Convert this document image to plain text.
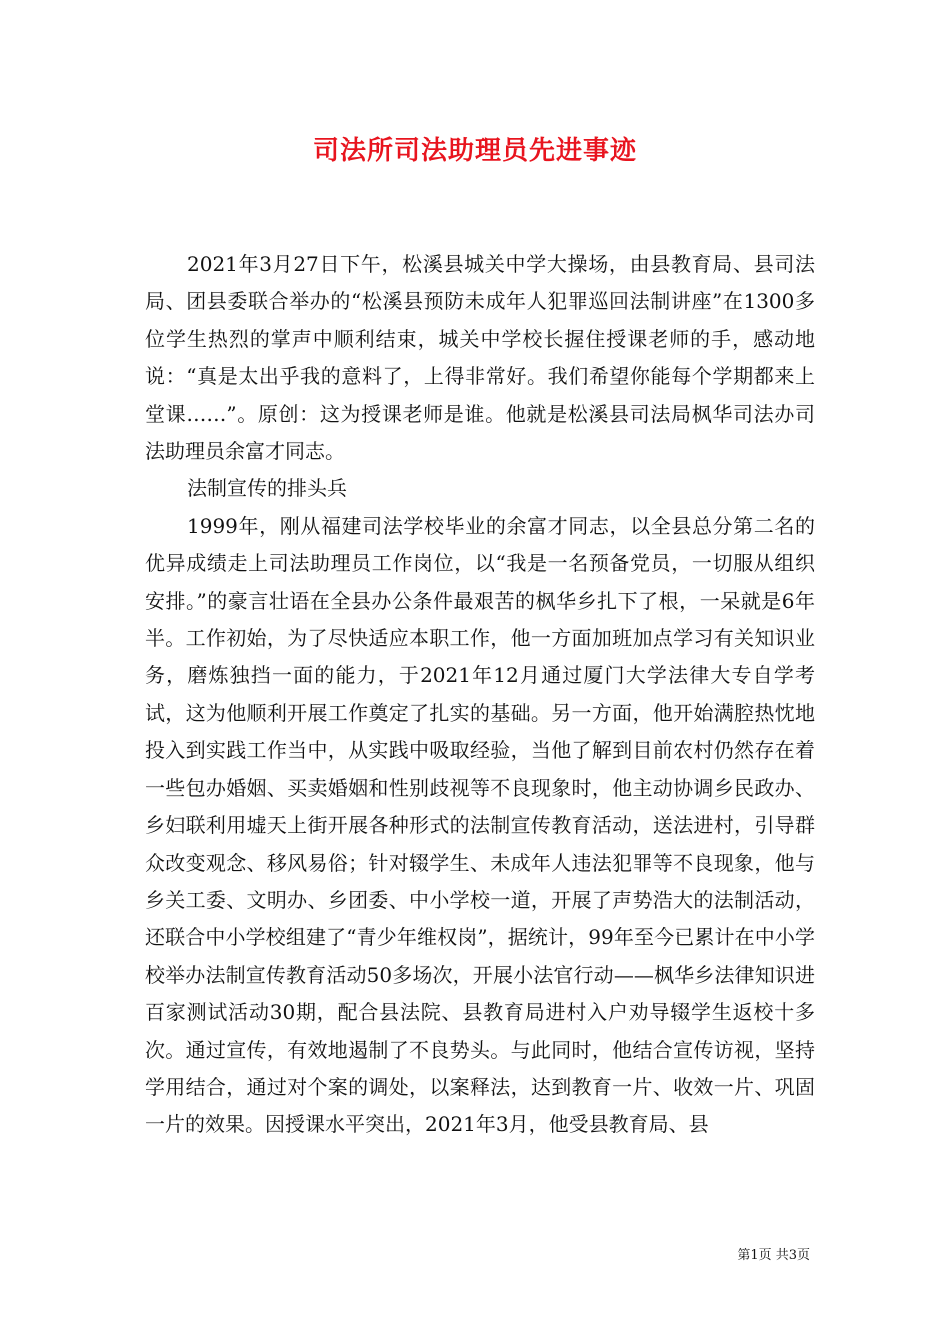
司法所司法助理员先进事迹

2021年3月27日下午，松溪县城关中学大操场，由县教育局、县司法局、团县委联合举办的“松溪县预防未成年人犯罪巡回法制讲座”在1300多位学生热烈的掌声中顺利结束，城关中学校长握住授课老师的手，感动地说：“真是太出乎我的意料了，上得非常好。我们希望你能每个学期都来上堂课……”。原创：这为授课老师是谁。他就是松溪县司法局枫华司法办司法助理员余富才同志。

法制宣传的排头兵

1999年，刚从福建司法学校毕业的余富才同志，以全县总分第二名的优异成绩走上司法助理员工作岗位，以“我是一名预备党员，一切服从组织安排。”的豪言壮语在全县办公条件最艰苦的枫华乡扎下了根，一呆就是6年半。工作初始，为了尽快适应本职工作，他一方面加班加点学习有关知识业务，磨炼独挡一面的能力，于2021年12月通过厦门大学法律大专自学考试，这为他顺利开展工作奠定了扎实的基础。另一方面，他开始满腔热忱地投入到实践工作当中，从实践中吸取经验，当他了解到目前农村仍然存在着一些包办婚姻、买卖婚姻和性别歧视等不良现象时，他主动协调乡民政办、乡妇联利用墟天上街开展各种形式的法制宣传教育活动，送法进村，引导群众改变观念、移风易俗；针对辍学生、未成年人违法犯罪等不良现象，他与乡关工委、文明办、乡团委、中小学校一道，开展了声势浩大的法制活动，还联合中小学校组建了“青少年维权岗”，据统计，99年至今已累计在中小学校举办法制宣传教育活动50多场次，开展小法官行动——枫华乡法律知识进百家测试活动30期，配合县法院、县教育局进村入户劝导辍学生返校十多次。通过宣传，有效地遏制了不良势头。与此同时，他结合宣传访视，坚持学用结合，通过对个案的调处，以案释法，达到教育一片、收效一片、巩固一片的效果。因授课水平突出，2021年3月，他受县教育局、县

第1页 共3页
